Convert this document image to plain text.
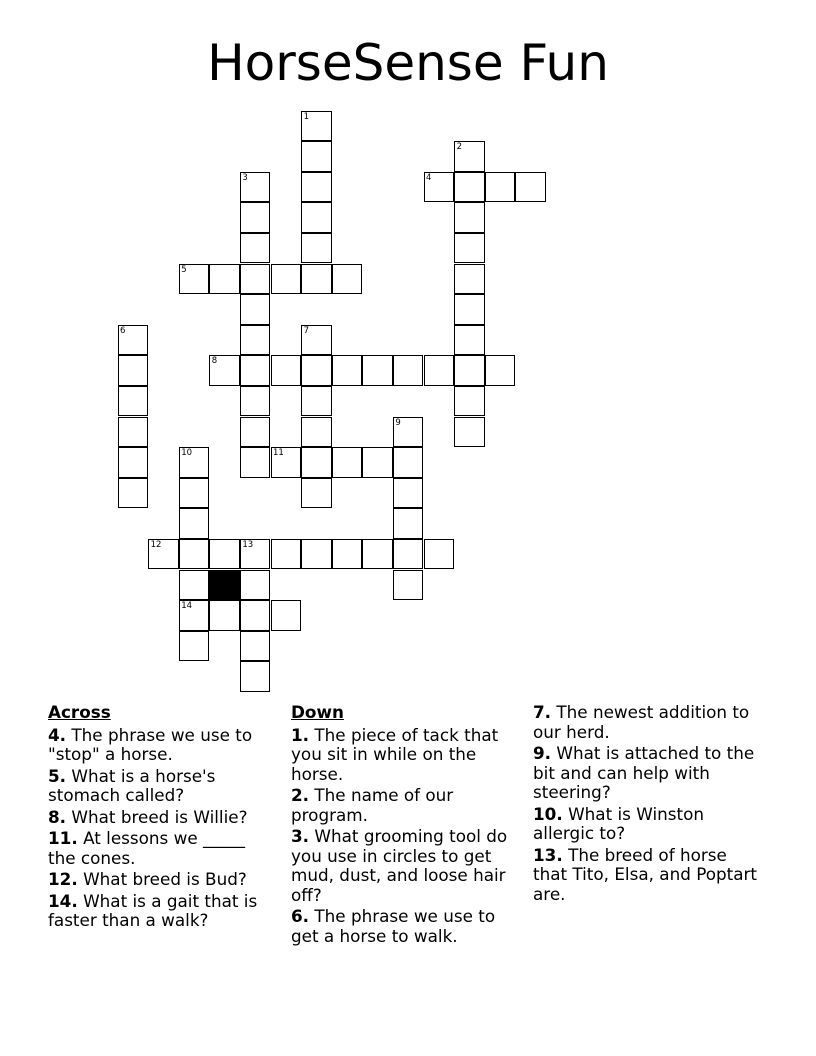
HorseSense Fun
1
2
3	4
5
6	7
8
9
10
14
11
12	13
Across
4. The phrase we use to "stop" a horse.
5. What is a horse's stomach called?
8. What breed is Willie?
11. At lessons we _____ the cones.
12. What breed is Bud?
14. What is a gait that is faster than a walk?
Down
1. The piece of tack that you sit in while on the horse.
2. The name of our program.
3. What grooming tool do you use in circles to get mud, dust, and loose hair off?
6. The phrase we use to get a horse to walk.
7. The newest addition to our herd.
9. What is attached to the bit and can help with steering?
10. What is Winston allergic to?
13. The breed of horse that Tito, Elsa, and Poptart are.
